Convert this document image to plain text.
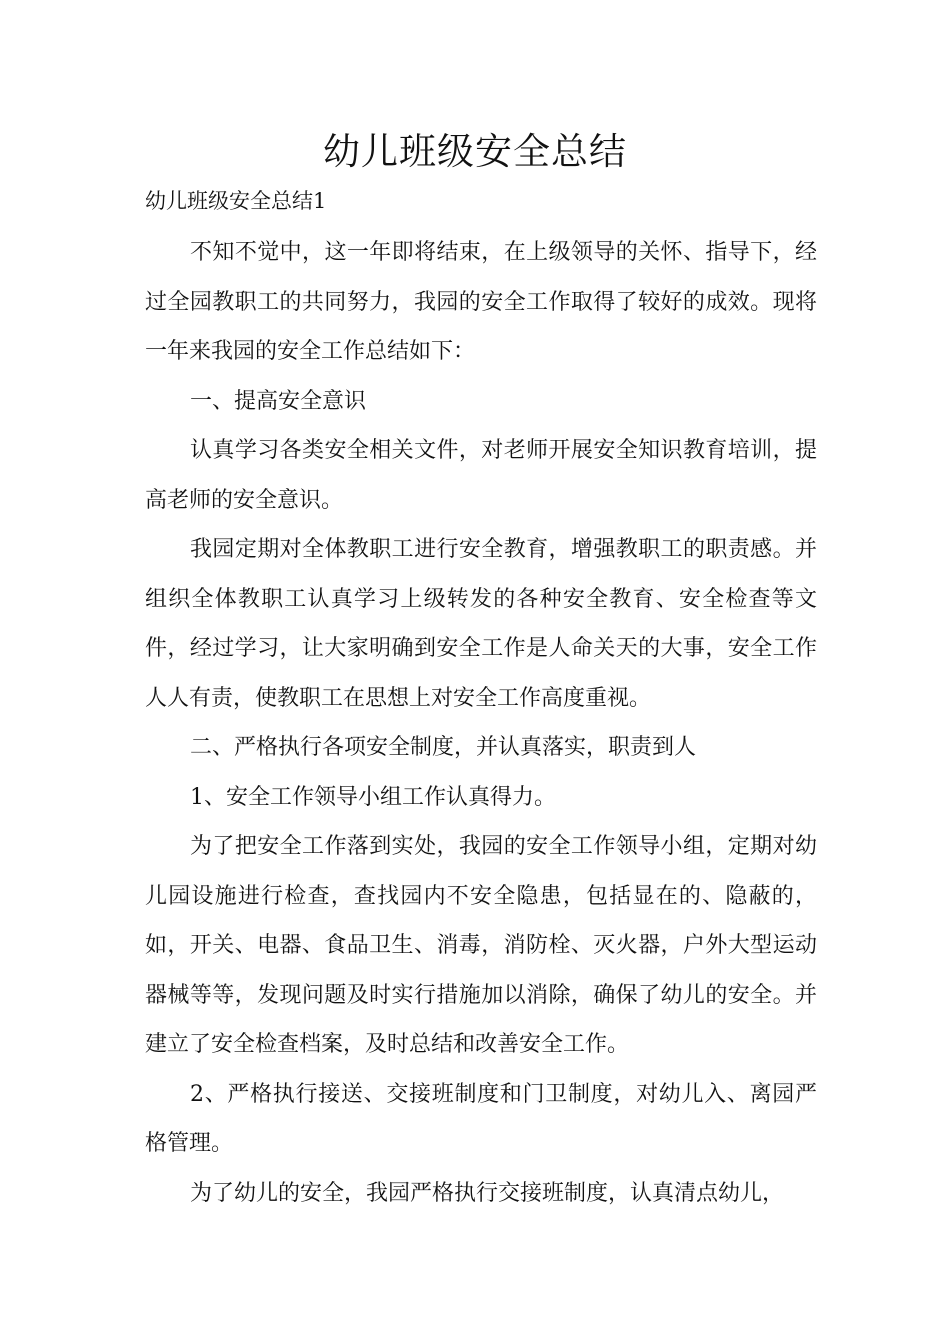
幼儿班级安全总结

幼儿班级安全总结1

不知不觉中，这一年即将结束，在上级领导的关怀、指导下，经过全园教职工的共同努力，我园的安全工作取得了较好的成效。现将一年来我园的安全工作总结如下：

一、提高安全意识

认真学习各类安全相关文件，对老师开展安全知识教育培训，提高老师的安全意识。

我园定期对全体教职工进行安全教育，增强教职工的职责感。并组织全体教职工认真学习上级转发的各种安全教育、安全检查等文件，经过学习，让大家明确到安全工作是人命关天的大事，安全工作人人有责，使教职工在思想上对安全工作高度重视。

二、严格执行各项安全制度，并认真落实，职责到人

1、安全工作领导小组工作认真得力。

为了把安全工作落到实处，我园的安全工作领导小组，定期对幼儿园设施进行检查，查找园内不安全隐患，包括显在的、隐蔽的，如，开关、电器、食品卫生、消毒，消防栓、灭火器，户外大型运动器械等等，发现问题及时实行措施加以消除，确保了幼儿的安全。并建立了安全检查档案，及时总结和改善安全工作。

2、严格执行接送、交接班制度和门卫制度，对幼儿入、离园严格管理。

为了幼儿的安全，我园严格执行交接班制度，认真清点幼儿，
